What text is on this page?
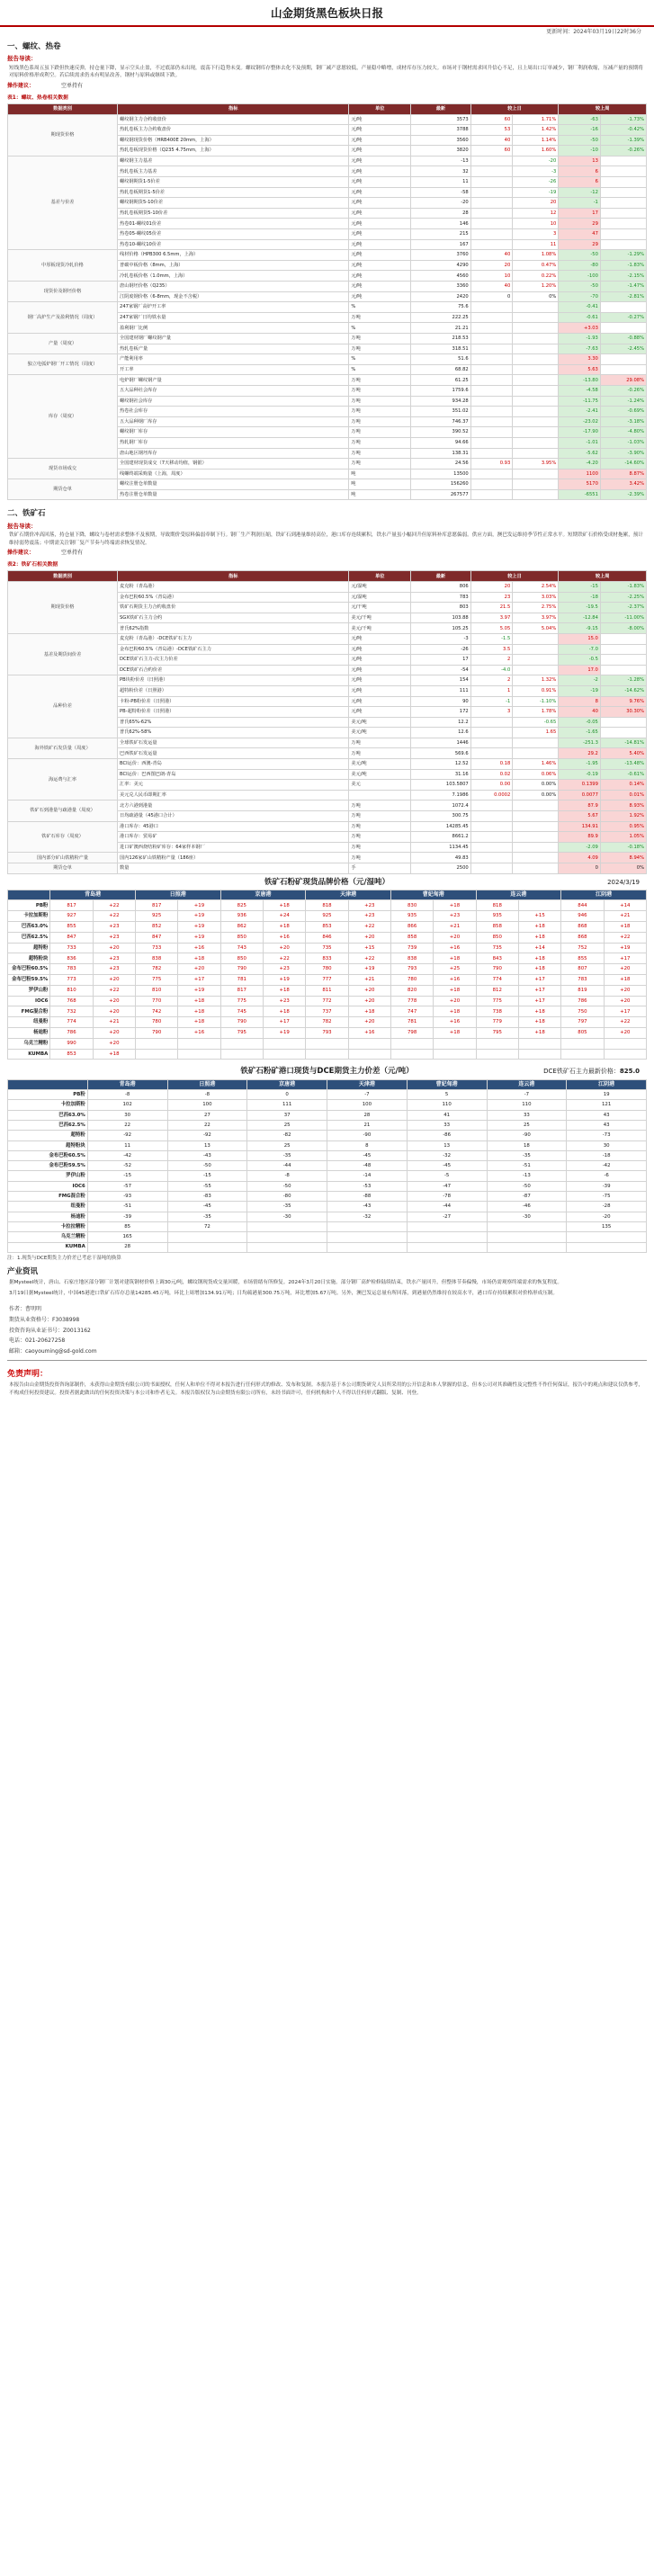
山金期货黑色板块日报
更新时间：2024年03月19日22时36分
一、螺纹、热卷
报告导读：
短线黑色系周五虽下跌但快速反弹，持仓量下降，显示空头止盈，不过底部仍未出现，震荡下行趋势未变。螺纹钢库存整体去化不及预期，钢厂减产意愿较低，产量稳中略增，成材库存压力较大。市场对于钢材需求回升信心不足，且上周出口订单减少，钢厂利润收缩，压减产量的预期将对原料价格形成利空。若后续需求仍未有明显改善，钢材与原料或继续下跌。
操作建议：	空单持有
表1：螺纹、热卷相关数据
数据类别	指标	单位	最新	较上日		较上周	
期现货价格	螺纹钢主力合约收盘价	元/吨	3573	60	1.71%	-63	-1.73%
	热轧卷板主力合约收盘价	元/吨	3788	53	1.42%	-16	-0.42%
	螺纹钢现货价格（HRB400E 20mm，上海）	元/吨	3560	40	1.14%	-50	-1.39%
	热轧卷板现货价格（Q235 4.75mm，上海）	元/吨	3820	60	1.60%	-10	-0.26%
基差与价差	螺纹钢主力基差	元/吨	-13		-20	13	
	热轧卷板主力基差	元/吨	32		-3	6	
	螺纹钢期货1-5价差	元/吨	11		-26	6	
	热轧卷板期货1-5价差	元/吨	-58		-19	-12	
	螺纹钢期货5-10价差	元/吨	-20		20	-1	
	热轧卷板期货5-10价差	元/吨	28		12	17	
	热卷01-螺纹01价差	元/吨	146		10	29	
	热卷05-螺纹05价差	元/吨	215		3	47	
	热卷10-螺纹10价差	元/吨	167		11	29	
中厚板现货冷轧价格	线材价格（HPB300 6.5mm，上海）	元/吨	3760	40	1.08%	-50	-1.29%
	普碳中板价格（8mm，上海）	元/吨	4290	20	0.47%	-80	-1.83%
	冷轧卷板价格（1.0mm，上海）	元/吨	4560	10	0.22%	-100	-2.15%
现货价及钢坯价格	唐山钢坯价格（Q235）	元/吨	3360	40	1.20%	-50	-1.47%
	江阴废钢价格（6-8mm，现金不含税）	元/吨	2420	0	0%	-70	-2.81%
钢厂高炉生产及盈利情况（周度）	247家钢厂高炉开工率	%	75.6			-0.41	
	247家钢厂日均铁水量	万吨	222.25			-0.61	-0.27%
	盈利钢厂比例	%	21.21			+3.03	
产量（周度）	全国建材钢厂螺纹钢产量	万吨	218.53			-1.93	-0.88%
	热轧卷板产量	万吨	318.51			-7.63	-2.45%
独立电弧炉钢厂开工情况（周度）	产能利用率	%	51.6			3.30	
	开工率	%	68.82			5.63	
库存（周度）	电炉钢厂螺纹钢产量	万吨	61.25			-13.80	29.08%
	五大品种社会库存	万吨	1759.6			-4.58	-0.26%
	螺纹钢社会库存	万吨	934.28			-11.75	-1.24%
	热卷社会库存	万吨	351.02			-2.41	-0.69%
	五大品种钢厂库存	万吨	746.37			-23.02	-3.18%
	螺纹钢厂库存	万吨	390.52			-17.90	-4.80%
	热轧钢厂库存	万吨	94.66			-1.01	-1.03%
	唐山地区钢坯库存	万吨	138.31			-5.62	-3.90%
现货市场成交	全国建材现货成交（7天移动均值，钢银）	万吨	24.56	0.93	3.95%	-4.20	-14.60%
	线螺终端采购量（上海，周度）	吨	13500			1100	8.87%
期货仓单	螺纹注册仓单数量	吨	156260			5170	3.42%
	热卷注册仓单数量	吨	267577			-6551	-2.39%
二、铁矿石
报告导读：
铁矿石期价冲高回落，持仓量下降，螺纹与卷材需求整体不及预期，导致期价受原料偏弱牵制下行。钢厂生产利润压缩，铁矿石到港量维持高位，港口库存连续累积，铁水产量虽小幅回升但原料补库意愿偏弱。供应方面，澳巴发运维持季节性正常水平。短期铁矿石价格受成材拖累，预计维持弱势震荡；中期需关注钢厂复产节奏与终端需求恢复情况。
操作建议：	空单持有
表2：铁矿石相关数据
数据类别	指标	单位	最新	较上日		较上周	
期现货价格	麦克粉（青岛港）	元/湿吨	806	20	2.54%	-15	-1.83%
	金布巴粉60.5%（青岛港）	元/湿吨	783	23	3.03%	-18	-2.25%
	铁矿石期货主力合约收盘价	元/干吨	803	21.5	2.75%	-19.5	-2.37%
	SGX铁矿石主力合约	美元/干吨	103.88	3.97	3.97%	-12.84	-11.00%
	普氏62%指数	美元/干吨	105.25	5.05	5.04%	-9.15	-8.00%
基差及期货间价差	麦克粉（青岛港）-DCE铁矿石主力	元/吨	-3	-1.5		15.0	
	金布巴粉60.5%（青岛港）-DCE铁矿石主力	元/吨	-26	3.5		-7.0	
	DCE铁矿石主力-次主力价差	元/吨	17	2		-0.5	
	DCE铁矿石合约价差	元/吨	-54	-4.0		17.0	
品种价差	PB块粉价差（日照港）	元/吨	154	2	1.32%	-2	-1.28%
	超特粉价差（日照港）	元/吨	111	1	0.91%	-19	-14.62%
	卡粉-PB粉价差（日照港）	元/吨	90	-1	-1.10%	8	9.76%
	PB-超特粉价差（日照港）	元/吨	172	3	1.78%	40	30.30%
	普氏65%-62%	美元/吨	12.2		-0.65	-0.05	
	普氏62%-58%	美元/吨	12.6		1.65	-1.65	
海外铁矿石发货量（周度）	全球铁矿石发运量	万吨	1446			-251.3	-14.81%
	巴西铁矿石发运量	万吨	569.6			29.2	5.40%
海运费与汇率	BCI运价：西澳-青岛	美元/吨	12.52	0.18	1.46%	-1.95	-13.48%
	BCI运价：巴西图巴朗-青岛	美元/吨	31.16	0.02	0.06%	-0.19	-0.61%
	汇率：美元	美元	103.5807	0.00	0.00%	0.1399	0.14%
	美元兑人民币即期汇率		7.1986	0.0002	0.00%	0.0077	0.01%
铁矿石到港量与疏港量（周度）	北方六港到港量	万吨	1072.4			87.9	8.93%
	日均疏港量（45港口合计）	万吨	300.75			5.67	1.92%
铁矿石库存（周度）	港口库存：45港口	万吨	14285.45			134.91	0.95%
	港口库存：贸易矿	万吨	8661.2			89.9	1.05%
	进口矿澳西烧结粉矿库存：64家样本钢厂	万吨	1134.45			-2.09	-0.18%
国内部分矿山铁精粉产量	国内126家矿山铁精粉产量（186座）	万吨	49.83			4.09	8.94%
期货仓单	数量	手	2500			0	0%
铁矿石粉矿现货品牌价格（元/湿吨）	2024/3/19
	青岛港		日照港		京唐港		天津港		曹妃甸港		连云港		江阴港	
PB粉	817	+22	817	+19	825	+18	818	+23	830	+18	818		844	+14
卡拉加斯粉	927	+22	925	+19	936	+24	925	+23	935	+23	935	+15	946	+21
巴西63.0%	855	+23	852	+19	862	+18	853	+22	866	+21	858	+18	868	+18
巴西62.5%	847	+23	847	+19	850	+16	846	+20	858	+20	850	+18	868	+22
超特粉	733	+20	733	+16	743	+20	735	+15	739	+16	735	+14	752	+19
超特粉块	836	+23	838	+18	850	+22	833	+22	838	+18	843	+18	855	+17
金布巴粉60.5%	783	+23	782	+20	790	+23	780	+19	793	+25	790	+18	807	+20
金布巴粉59.5%	773	+20	775	+17	781	+19	777	+21	780	+16	774	+17	783	+18
罗伊山粉	810	+22	810	+19	817	+18	811	+20	820	+18	812	+17	819	+20
IOC6	768	+20	770	+18	775	+23	772	+20	778	+20	775	+17	786	+20
FMG混合粉	732	+20	742	+18	745	+18	737	+18	747	+18	738	+18	750	+17
纽曼粉	774	+21	780	+18	790	+17	782	+20	781	+16	779	+18	797	+22
杨迪粉	786	+20	790	+16	795	+19	793	+16	798	+18	795	+18	805	+20
乌克兰精粉	990	+20												
KUMBA	853	+18												
铁矿石粉矿港口现货与DCE期货主力价差（元/吨）	DCE铁矿石主力最新价格：825.0
	青岛港	日照港	京唐港	天津港	曹妃甸港	连云港	江阴港
PB粉	-8	-8	0	-7	5	-7	19
卡拉加斯粉	102	100	111	100	110	110	121
巴西63.0%	30	27	37	28	41	33	43
巴西62.5%	22	22	25	21	33	25	43
超特粉	-92	-92	-82	-90	-86	-90	-73
超特粉块	11	13	25	8	13	18	30
金布巴粉60.5%	-42	-43	-35	-45	-32	-35	-18
金布巴粉59.5%	-52	-50	-44	-48	-45	-51	-42
罗伊山粉	-15	-15	-8	-14	-5	-13	-6
IOC6	-57	-55	-50	-53	-47	-50	-39
FMG混合粉	-93	-83	-80	-88	-78	-87	-75
纽曼粉	-51	-45	-35	-43	-44	-46	-28
杨迪粉	-39	-35	-30	-32	-27	-30	-20
卡拉拉精粉	85	72					135
乌克兰精粉	165						
KUMBA	28						
注：1.现货与DCE期货主力价差已考虑干湿吨的换算
产业资讯
据Mysteel统计，唐山、石家庄地区部分钢厂计划对建筑钢材价格上调30元/吨，螺纹钢现货成交量回暖，市场情绪有所修复。2024年3月20日实施。部分钢厂高炉检修陆续结束，铁水产量回升，但整体节奏偏慢，市场仍需观察终端需求的恢复程度。
3月19日据Mysteel统计，中国45港进口铁矿石库存总量14285.45万吨，环比上周增加134.91万吨；日均疏港量300.75万吨，环比增加5.67万吨。另外，澳巴发运总量有所回落，到港量仍然维持在较高水平，港口库存持续累积对价格形成压制。
作者：曹明明
期货从业资格号：F3038998
投资咨询从业证书号：Z0013162
电话：021-20627258
邮箱：caoyouming@sd-gold.com
免责声明：
本报告由山金期货投资咨询部制作，未获得山金期货有限公司的书面授权，任何人和单位不得对本报告进行任何形式的修改、发布和复制。本报告基于本公司期货研究人员所采用的公开信息和本人掌握的信息，但本公司对其准确性及完整性不作任何保证，报告中的观点和建议仅供参考，不构成任何投资建议。投资者据此做出的任何投资决策与本公司和作者无关。本报告版权仅为山金期货有限公司所有，未经书面许可，任何机构和个人不得以任何形式翻版、复制、刊登。
